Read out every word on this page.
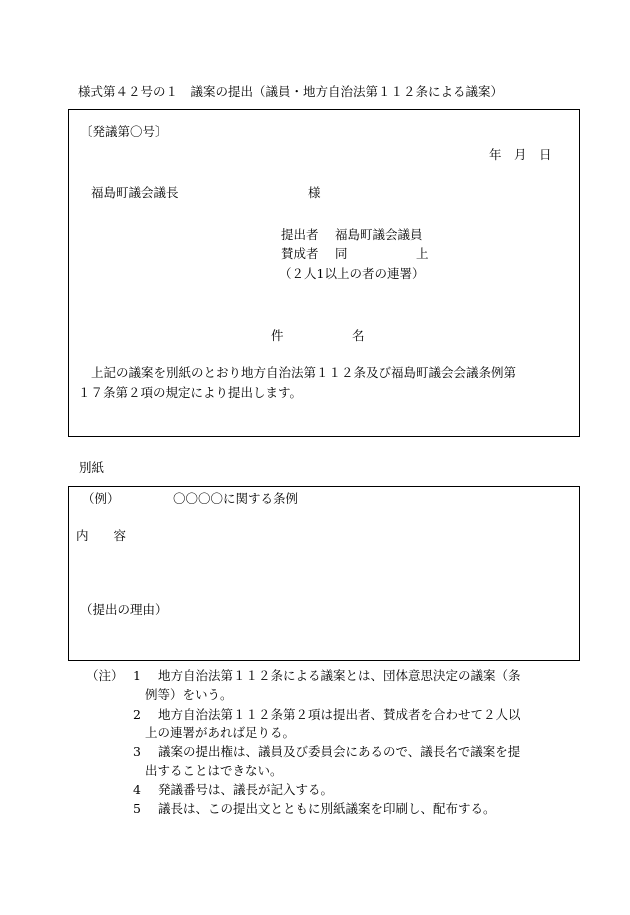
様式第４２号の１　議案の提出（議員・地方自治法第１１２条による議案）
〔発議第〇号〕
年　月　日
福島町議会議長	様
提出者 福島町議会議員
賛成者 同	上
（２人1以上の者の連署）
件	名
上記の議案を別紙のとおり地方自治法第１１２条及び福島町議会会議条例第
１７条第２項の規定により提出します。
別紙
（例）	〇〇〇〇に関する条例
内　　容
（提出の理由）
（注） 1 地方自治法第１１２条による議案とは、団体意思決定の議案（条
例等）をいう。
2 地方自治法第１１２条第２項は提出者、賛成者を合わせて２人以
上の連署があれば足りる。
3 議案の提出権は、議員及び委員会にあるので、議長名で議案を提
出することはできない。
4 発議番号は、議長が記入する。
5 議長は、この提出文とともに別紙議案を印刷し、配布する。
